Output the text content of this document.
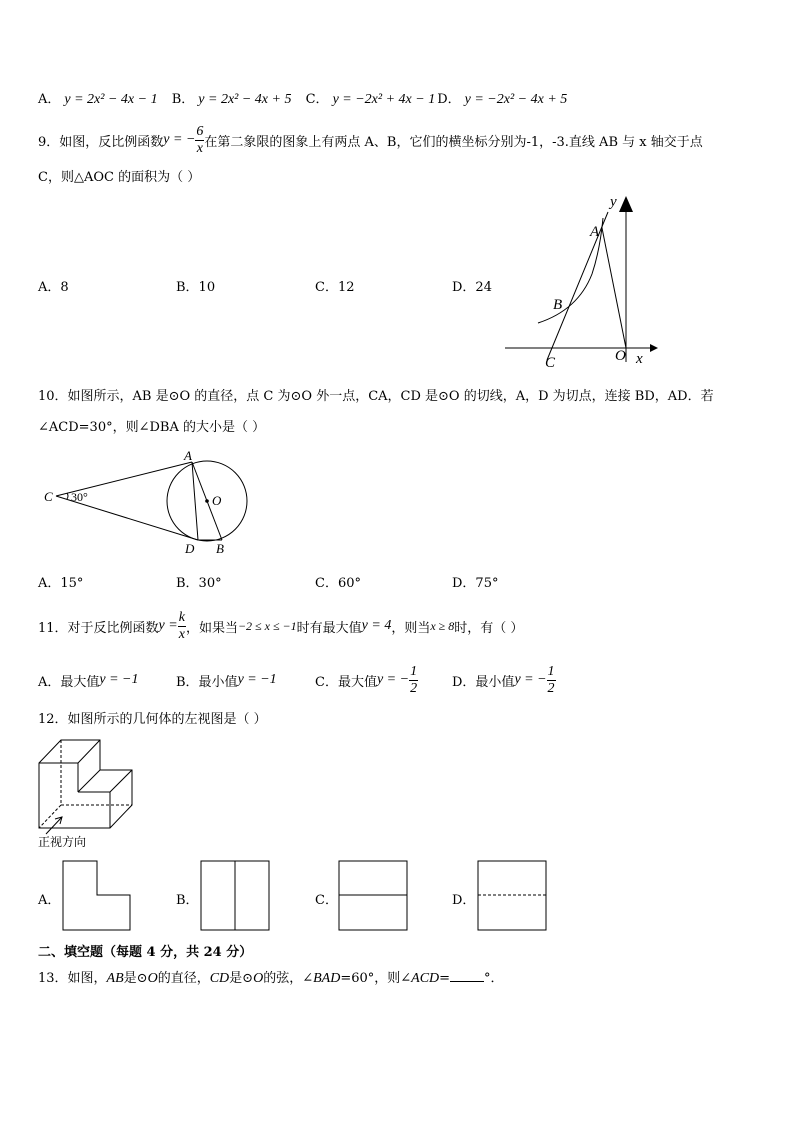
A． y = 2x² − 4x − 1 B． y = 2x² − 4x + 5 C． y = −2x² + 4x − 1 D． y = −2x² − 4x + 5
9．如图，反比例函数 y = − $\frac{6}{x}$ 在第二象限的图象上有两点 A、B，它们的横坐标分别为-1，-3.直线 AB 与 x 轴交于点
C，则△AOC 的面积为（ ）
A．8	B．10	C．12	D．24
y
A
B
C	O x
10．如图所示，AB 是⊙O 的直径，点 C 为⊙O 外一点，CA，CD 是⊙O 的切线，A，D 为切点，连接 BD，AD．若
∠ACD=30°，则∠DBA 的大小是（ ）
A
O
C 30°
D B
A．15°	B．30°	C．60°	D．75°
11．对于反比例函数 $y = \frac{k}{x}$ ，如果当 −2 ≤ x ≤ −1 时有最大值 y = 4 ，则当 x ≥ 8 时，有（ ）
A．最大值 y = −1	B．最小值 y = −1	C．最大值 y = − $\frac{1}{2}$	D．最小值 y = − $\frac{1}{2}$
12．如图所示的几何体的左视图是（ ）
正视方向
A．	B．	C．	D．
二、填空题（每题 4 分，共 24 分）
13．如图，AB是⊙O的直径，CD是⊙O的弦，∠BAD=60°，则∠ACD=	°．
